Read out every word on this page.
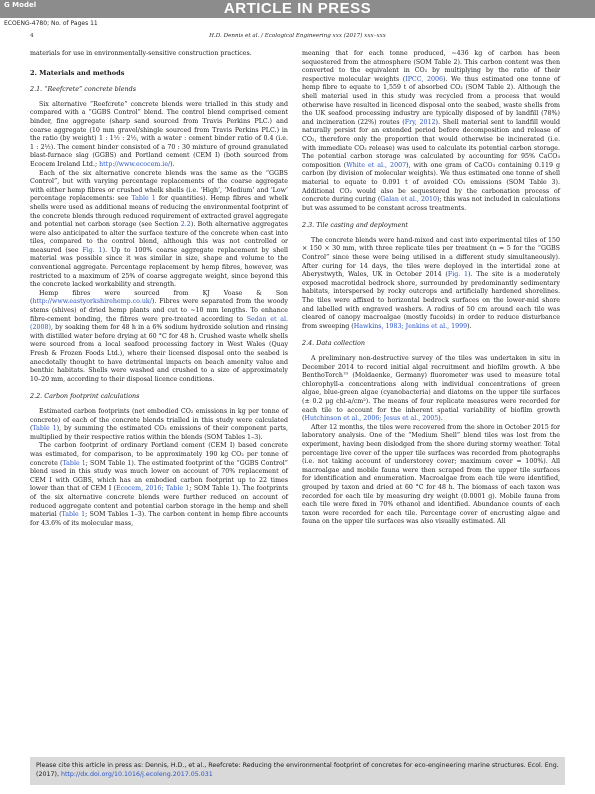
G Model	ARTICLE IN PRESS
ECOENG-4780; No. of Pages 11
4	H.D. Dennis et al. / Ecological Engineering xxx (2017) xxx–xxx

materials for use in environmentally-sensitive construction practices.

2. Materials and methods
2.1. “Reefcrete” concrete blends

Six alternative “Reefcrete” concrete blends were trialled in this study and compared with a “GGBS Control” blend. The control blend comprised cement binder, fine aggregate (sharp sand sourced from Travis Perkins PLC.) and coarse aggregate (10 mm gravel/shingle sourced from Travis Perkins PLC.) in the ratio (by weight) 1 : 1½ : 2½, with a water : cement binder ratio of 0.4 (i.e. 1 : 2½). The cement binder consisted of a 70 : 30 mixture of ground granulated blast-furnace slag (GGBS) and Portland cement (CEM I) (both sourced from Ecocem Ireland Ltd.; http://www.ecocem.ie/).

Each of the six alternative concrete blends was the same as the “GGBS Control”, but with varying percentage replacements of the coarse aggregate with either hemp fibres or crushed whelk shells (i.e. ‘High’, ‘Medium’ and ‘Low’ percentage replacements: see Table 1 for quantities). Hemp fibres and whelk shells were used as additional means of reducing the environmental footprint of the concrete blends through reduced requirement of extracted gravel aggregate and potential net carbon storage (see Section 2.2). Both alternative aggregates were also anticipated to alter the surface texture of the concrete when cast into tiles, compared to the control blend, although this was not controlled or measured (see Fig. 1). Up to 100% coarse aggregate replacement by shell material was possible since it was similar in size, shape and volume to the conventional aggregate. Percentage replacement by hemp fibres, however, was restricted to a maximum of 25% of coarse aggregate weight, since beyond this the concrete lacked workability and strength.

Hemp fibres were sourced from KJ Voase & Son (http://www.eastyorkshirehemp.co.uk/). Fibres were separated from the woody stems (shives) of dried hemp plants and cut to ∼10 mm lengths. To enhance fibre-cement bonding, the fibres were pre-treated according to Sedan et al. (2008), by soaking them for 48 h in a 6% sodium hydroxide solution and rinsing with distilled water before drying at 60 °C for 48 h. Crushed waste whelk shells were sourced from a local seafood processing factory in West Wales (Quay Fresh & Frozen Foods Ltd.), where their licensed disposal onto the seabed is anecdotally thought to have detrimental impacts on beach amenity value and benthic habitats. Shells were washed and crushed to a size of approximately 10–20 mm, according to their disposal licence conditions.

2.2. Carbon footprint calculations

Estimated carbon footprints (net embodied CO₂ emissions in kg per tonne of concrete) of each of the concrete blends trialled in this study were calculated (Table 1), by summing the estimated CO₂ emissions of their component parts, multiplied by their respective ratios within the blends (SOM Tables 1–3).

The carbon footprint of ordinary Portland cement (CEM I) based concrete was estimated, for comparison, to be approximately 190 kg CO₂ per tonne of concrete (Table 1; SOM Table 1). The estimated footprint of the “GGBS Control” blend used in this study was much lower on account of 70% replacement of CEM I with GGBS, which has an embodied carbon footprint up to 22 times lower than that of CEM I (Ecocem, 2016; Table 1; SOM Table 1). The footprints of the six alternative concrete blends were further reduced on account of reduced aggregate content and potential carbon storage in the hemp and shell material (Table 1; SOM Tables 1–3). The carbon content in hemp fibre accounts for 43.6% of its molecular mass,

meaning that for each tonne produced, ∼436 kg of carbon has been sequestered from the atmosphere (SOM Table 2). This carbon content was then converted to the equivalent in CO₂ by multiplying by the ratio of their respective molecular weights (IPCC, 2006). We thus estimated one tonne of hemp fibre to equate to 1,559 t of absorbed CO₂ (SOM Table 2). Although the shell material used in this study was recycled from a process that would otherwise have resulted in licenced disposal onto the seabed, waste shells from the UK seafood processing industry are typically disposed of by landfill (78%) and incineration (22%) routes (Fry, 2012). Shell material sent to landfill would naturally persist for an extended period before decomposition and release of CO₂, therefore only the proportion that would otherwise be incinerated (i.e. with immediate CO₂ release) was used to calculate its potential carbon storage. The potential carbon storage was calculated by accounting for 95% CaCO₃ composition (White et al., 2007), with one gram of CaCO₃ containing 0.119 g carbon (by division of molecular weights). We thus estimated one tonne of shell material to equate to 0.091 t of avoided CO₂ emissions (SOM Table 3). Additional CO₂ would also be sequestered by the carbonation process of concrete during curing (Galan et al., 2010); this was not included in calculations but was assumed to be constant across treatments.

2.3. Tile casting and deployment

The concrete blends were hand-mixed and cast into experimental tiles of 150 × 150 × 30 mm, with three replicate tiles per treatment (n = 5 for the “GGBS Control” since these were being utilised in a different study simultaneously). After curing for 14 days, the tiles were deployed in the intertidal zone at Aberystwyth, Wales, UK in October 2014 (Fig. 1). The site is a moderately exposed macrotidal bedrock shore, surrounded by predominantly sedimentary habitats, interspersed by rocky outcrops and artificially hardened shorelines. The tiles were affixed to horizontal bedrock surfaces on the lower-mid shore and labelled with engraved washers. A radius of 50 cm around each tile was cleared of canopy macroalgae (mostly fucoids) in order to reduce disturbance from sweeping (Hawkins, 1983; Jenkins et al., 1999).

2.4. Data collection

A preliminary non-destructive survey of the tiles was undertaken in situ in December 2014 to record initial algal recruitment and biofilm growth. A bbe BenthoTorch™ (Moldaenke, Germany) fluorometer was used to measure total chlorophyll-a concentrations along with individual concentrations of green algae, blue-green algae (cyanobacteria) and diatoms on the upper tile surfaces (± 0.2 μg chl-a/cm²). The means of four replicate measures were recorded for each tile to account for the inherent spatial variability of biofilm growth (Hutchinson et al., 2006; Jesus et al., 2005).

After 12 months, the tiles were recovered from the shore in October 2015 for laboratory analysis. One of the “Medium Shell” blend tiles was lost from the experiment, having been dislodged from the shore during stormy weather. Total percentage live cover of the upper tile surfaces was recorded from photographs (i.e. not taking account of understorey cover; maximum cover = 100%). All macroalgae and mobile fauna were then scraped from the upper tile surfaces for identification and enumeration. Macroalgae from each tile were identified, grouped by taxon and dried at 60 °C for 48 h. The biomass of each taxon was recorded for each tile by measuring dry weight (0.0001 g). Mobile fauna from each tile were fixed in 70% ethanol and identified. Abundance counts of each taxon were recorded for each tile. Percentage cover of encrusting algae and fauna on the upper tile surfaces was also visually estimated. All

Please cite this article in press as: Dennis, H.D., et al., Reefcrete: Reducing the environmental footprint of concretes for eco-engineering marine structures. Ecol. Eng. (2017), http://dx.doi.org/10.1016/j.ecoleng.2017.05.031
